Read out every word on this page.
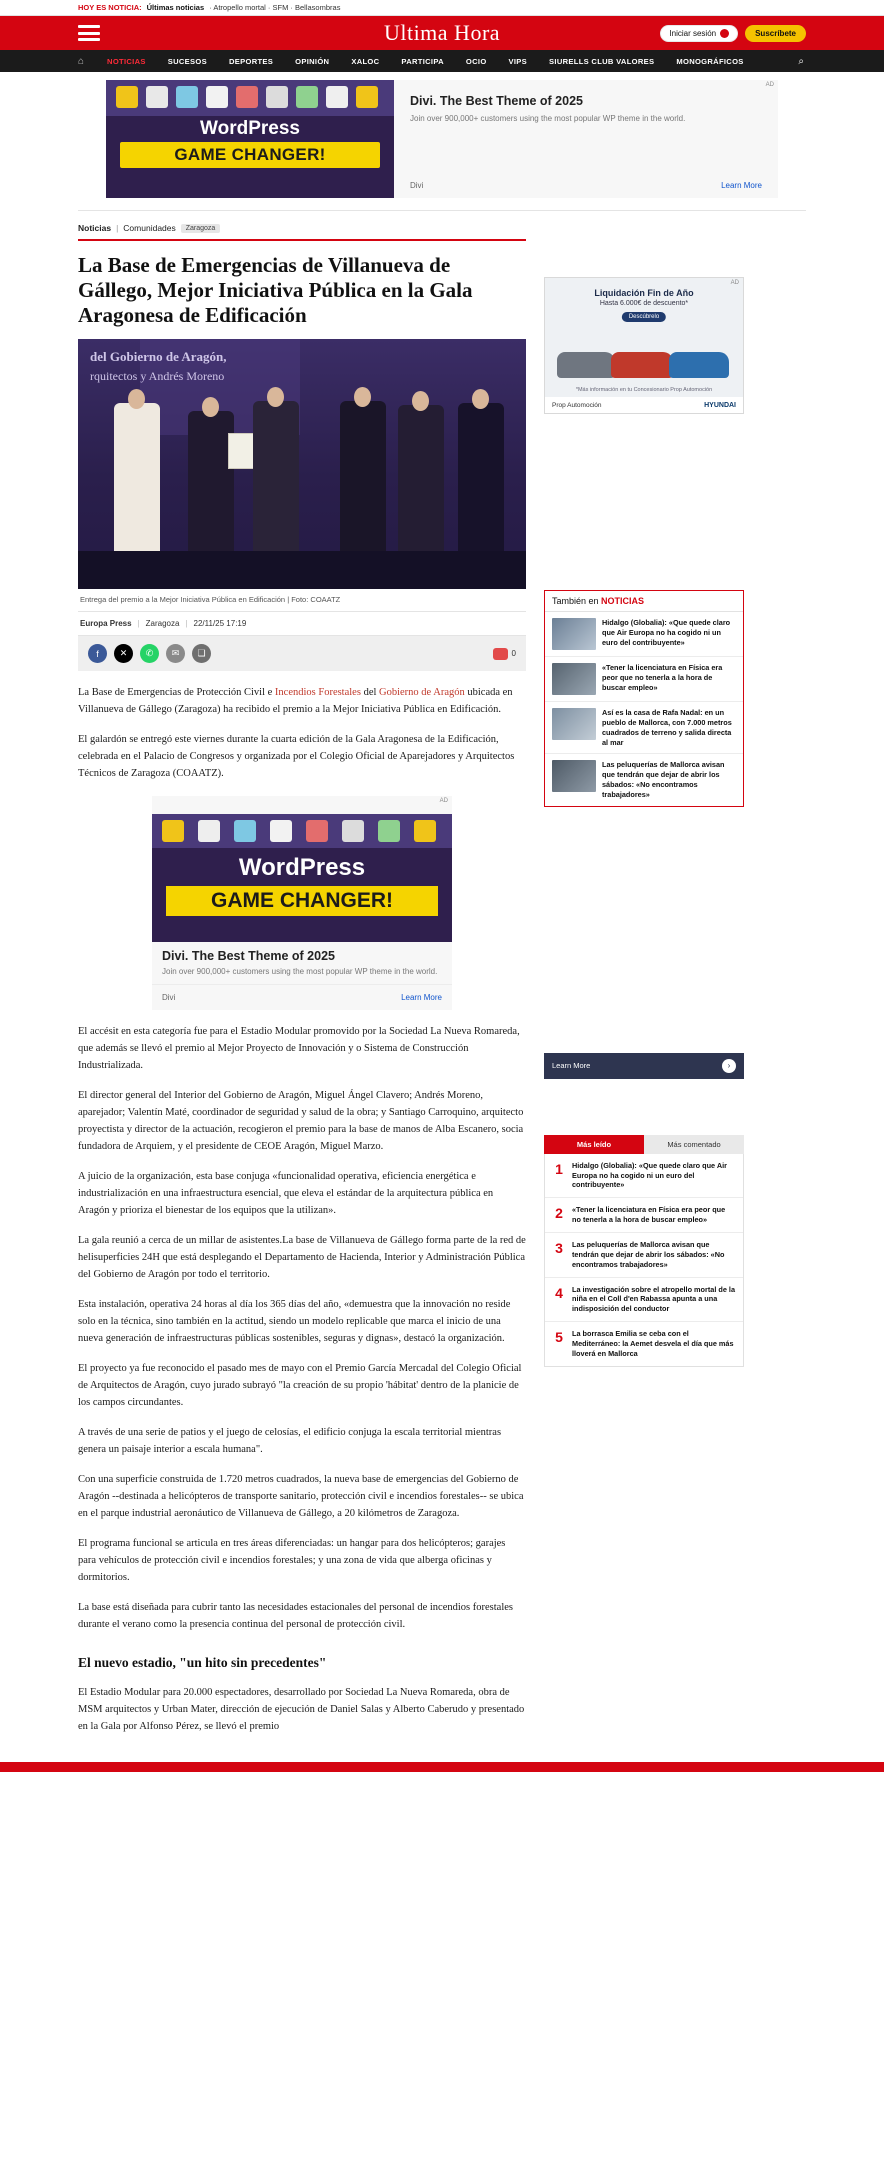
HOY ES NOTICIA: Últimas noticias · Atropello mortal · SFM · Bellasombras
Ultima Hora	Iniciar sesión	Suscríbete
⌂	NOTICIAS	SUCESOS	DEPORTES	OPINIÓN	XALOC	PARTICIPA	OCIO	VIPS	SIURELLS CLUB VALORES	MONOGRÁFICOS	⌕
AD
WordPress
GAME CHANGER!
Divi. The Best Theme of 2025
Join over 900,000+ customers using the most popular WP theme in the world.
Divi	Learn More
Noticias | Comunidades	Zaragoza
La Base de Emergencias de Villanueva de Gállego, Mejor Iniciativa Pública en la Gala Aragonesa de Edificación
del Gobierno de Aragón,
rquitectos y Andrés Moreno
Entrega del premio a la Mejor Iniciativa Pública en Edificación | Foto: COAATZ
Europa Press | Zaragoza | 22/11/25 17:19
f	✕	✆	✉	❏	0

La Base de Emergencias de Protección Civil e Incendios Forestales del Gobierno de Aragón ubicada en Villanueva de Gállego (Zaragoza) ha recibido el premio a la Mejor Iniciativa Pública en Edificación.

El galardón se entregó este viernes durante la cuarta edición de la Gala Aragonesa de la Edificación, celebrada en el Palacio de Congresos y organizada por el Colegio Oficial de Aparejadores y Arquitectos Técnicos de Zaragoza (COAATZ).

AD
WordPress
GAME CHANGER!
Divi. The Best Theme of 2025
Join over 900,000+ customers using the most popular WP theme in the world.
Divi	Learn More

El accésit en esta categoría fue para el Estadio Modular promovido por la Sociedad La Nueva Romareda, que además se llevó el premio al Mejor Proyecto de Innovación y o Sistema de Construcción Industrializada.

El director general del Interior del Gobierno de Aragón, Miguel Ángel Clavero; Andrés Moreno, aparejador; Valentín Maté, coordinador de seguridad y salud de la obra; y Santiago Carroquino, arquitecto proyectista y director de la actuación, recogieron el premio para la base de manos de Alba Escanero, socia fundadora de Arquiem, y el presidente de CEOE Aragón, Miguel Marzo.

A juicio de la organización, esta base conjuga «funcionalidad operativa, eficiencia energética e industrialización en una infraestructura esencial, que eleva el estándar de la arquitectura pública en Aragón y prioriza el bienestar de los equipos que la utilizan».

La gala reunió a cerca de un millar de asistentes.La base de Villanueva de Gállego forma parte de la red de helisuperficies 24H que está desplegando el Departamento de Hacienda, Interior y Administración Pública del Gobierno de Aragón por todo el territorio.

Esta instalación, operativa 24 horas al día los 365 días del año, «demuestra que la innovación no reside solo en la técnica, sino también en la actitud, siendo un modelo replicable que marca el inicio de una nueva generación de infraestructuras públicas sostenibles, seguras y dignas», destacó la organización.

El proyecto ya fue reconocido el pasado mes de mayo con el Premio García Mercadal del Colegio Oficial de Arquitectos de Aragón, cuyo jurado subrayó "la creación de su propio 'hábitat' dentro de la planicie de los campos circundantes.

A través de una serie de patios y el juego de celosías, el edificio conjuga la escala territorial mientras genera un paisaje interior a escala humana".

Con una superficie construida de 1.720 metros cuadrados, la nueva base de emergencias del Gobierno de Aragón --destinada a helicópteros de transporte sanitario, protección civil e incendios forestales-- se ubica en el parque industrial aeronáutico de Villanueva de Gállego, a 20 kilómetros de Zaragoza.

El programa funcional se articula en tres áreas diferenciadas: un hangar para dos helicópteros; garajes para vehículos de protección civil e incendios forestales; y una zona de vida que alberga oficinas y dormitorios.

La base está diseñada para cubrir tanto las necesidades estacionales del personal de incendios forestales durante el verano como la presencia continua del personal de protección civil.

El nuevo estadio, "un hito sin precedentes"

El Estadio Modular para 20.000 espectadores, desarrollado por Sociedad La Nueva Romareda, obra de MSM arquitectos y Urban Mater, dirección de ejecución de Daniel Salas y Alberto Caberudo y presentado en la Gala por Alfonso Pérez, se llevó el premio

AD
Liquidación Fin de Año
Hasta 6.000€ de descuento*
Descúbrelo
*Más información en tu Concesionario Prop Automoción
Prop Automoción	HYUNDAI
También en NOTICIAS
Hidalgo (Globalia): «Que quede claro que Air Europa no ha cogido ni un euro del contribuyente»
«Tener la licenciatura en Física era peor que no tenerla a la hora de buscar empleo»
Así es la casa de Rafa Nadal: en un pueblo de Mallorca, con 7.000 metros cuadrados de terreno y salida directa al mar
Las peluquerías de Mallorca avisan que tendrán que dejar de abrir los sábados: «No encontramos trabajadores»
Learn More	›
Más leído	Más comentado
1 Hidalgo (Globalia): «Que quede claro que Air Europa no ha cogido ni un euro del contribuyente»
2 «Tener la licenciatura en Física era peor que no tenerla a la hora de buscar empleo»
3 Las peluquerías de Mallorca avisan que tendrán que dejar de abrir los sábados: «No encontramos trabajadores»
4 La investigación sobre el atropello mortal de la niña en el Coll d'en Rabassa apunta a una indisposición del conductor
5 La borrasca Emilia se ceba con el Mediterráneo: la Aemet desvela el día que más lloverá en Mallorca
